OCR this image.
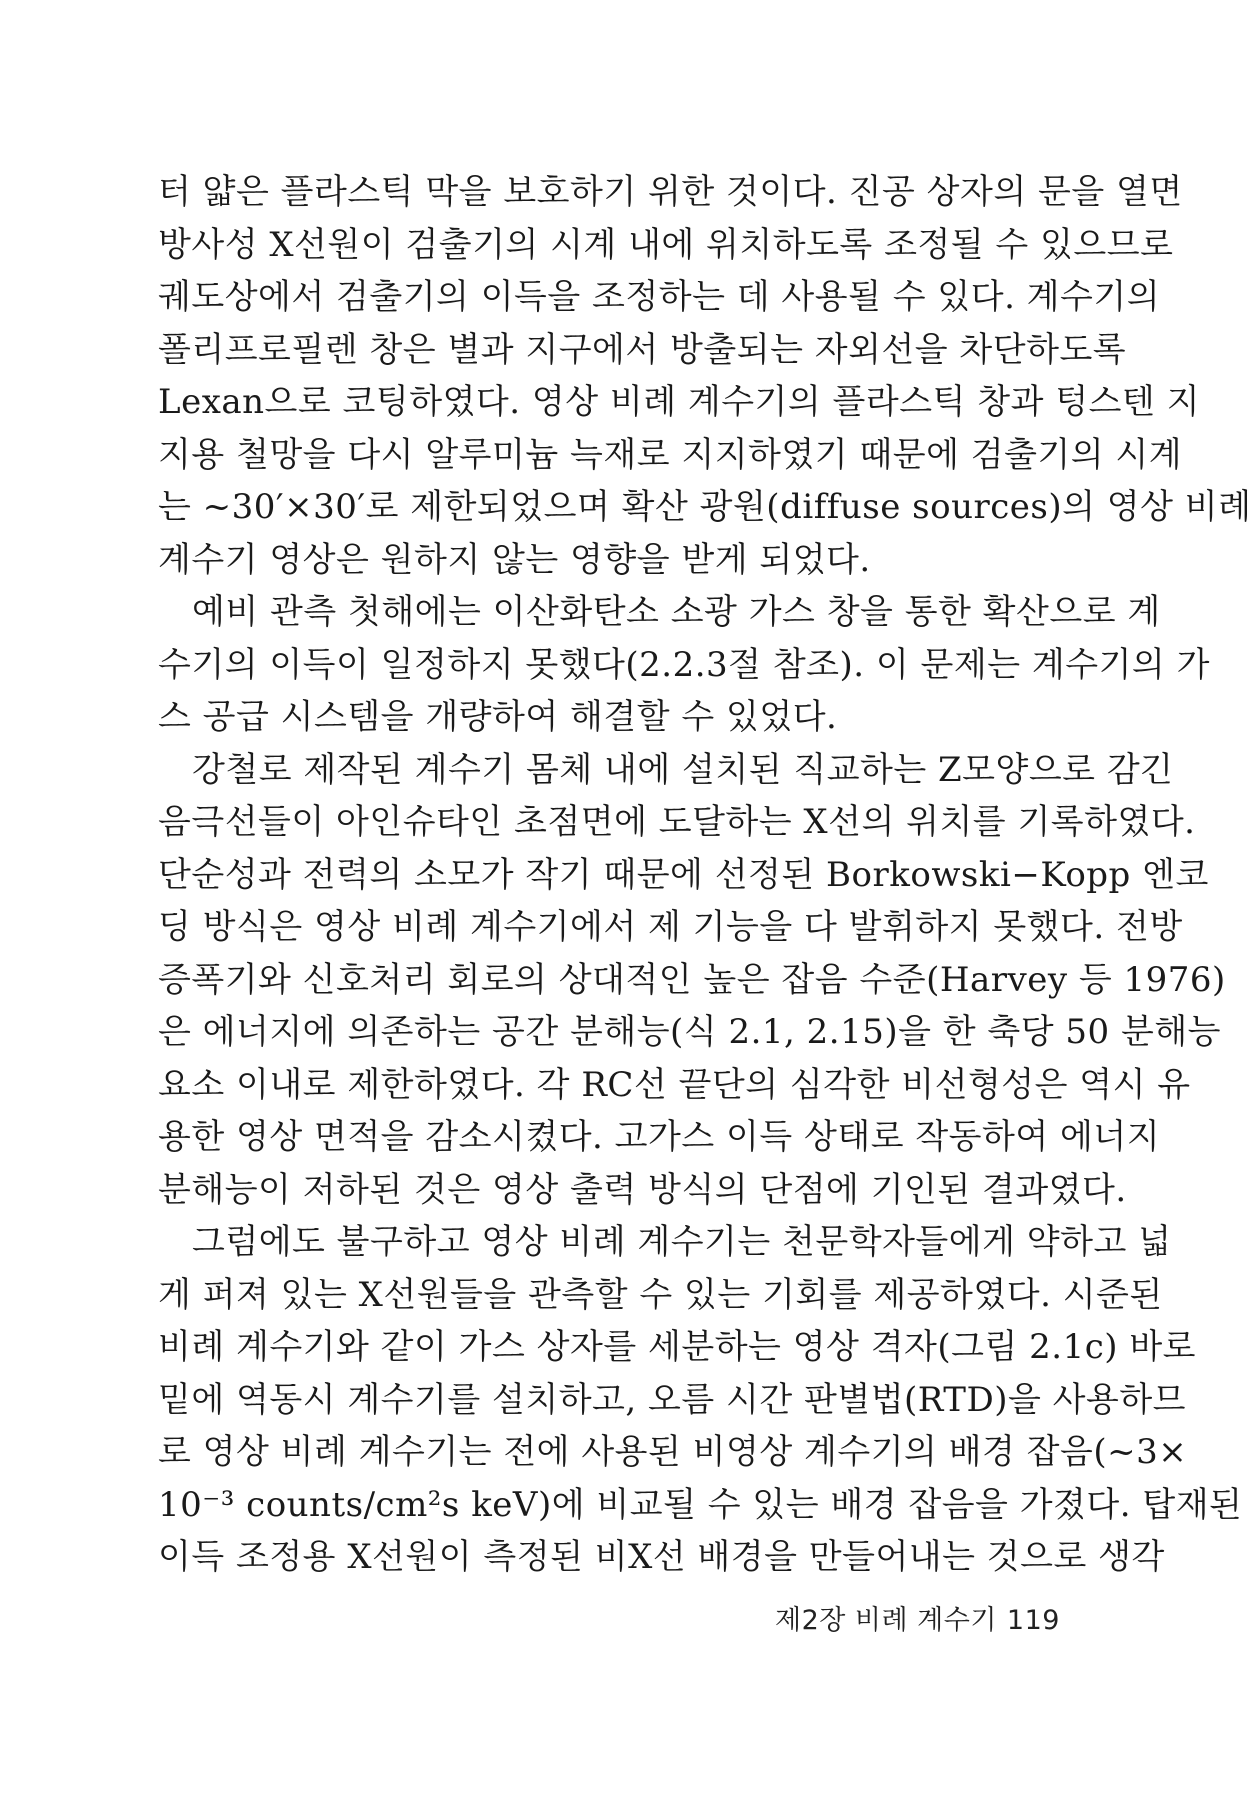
터 얇은 플라스틱 막을 보호하기 위한 것이다. 진공 상자의 문을 열면
방사성 X선원이 검출기의 시계 내에 위치하도록 조정될 수 있으므로
궤도상에서 검출기의 이득을 조정하는 데 사용될 수 있다. 계수기의
폴리프로필렌 창은 별과 지구에서 방출되는 자외선을 차단하도록
Lexan으로 코팅하였다. 영상 비례 계수기의 플라스틱 창과 텅스텐 지
지용 철망을 다시 알루미늄 늑재로 지지하였기 때문에 검출기의 시계
는 ~30′×30′로 제한되었으며 확산 광원(diffuse sources)의 영상 비례
계수기 영상은 원하지 않는 영향을 받게 되었다.
예비 관측 첫해에는 이산화탄소 소광 가스 창을 통한 확산으로 계
수기의 이득이 일정하지 못했다(2.2.3절 참조). 이 문제는 계수기의 가
스 공급 시스템을 개량하여 해결할 수 있었다.
강철로 제작된 계수기 몸체 내에 설치된 직교하는 Z모양으로 감긴
음극선들이 아인슈타인 초점면에 도달하는 X선의 위치를 기록하였다.
단순성과 전력의 소모가 작기 때문에 선정된 Borkowski−Kopp 엔코
딩 방식은 영상 비례 계수기에서 제 기능을 다 발휘하지 못했다. 전방
증폭기와 신호처리 회로의 상대적인 높은 잡음 수준(Harvey 등 1976)
은 에너지에 의존하는 공간 분해능(식 2.1, 2.15)을 한 축당 50 분해능
요소 이내로 제한하였다. 각 RC선 끝단의 심각한 비선형성은 역시 유
용한 영상 면적을 감소시켰다. 고가스 이득 상태로 작동하여 에너지
분해능이 저하된 것은 영상 출력 방식의 단점에 기인된 결과였다.
그럼에도 불구하고 영상 비례 계수기는 천문학자들에게 약하고 넓
게 퍼져 있는 X선원들을 관측할 수 있는 기회를 제공하였다. 시준된
비례 계수기와 같이 가스 상자를 세분하는 영상 격자(그림 2.1c) 바로
밑에 역동시 계수기를 설치하고, 오름 시간 판별법(RTD)을 사용하므
로 영상 비례 계수기는 전에 사용된 비영상 계수기의 배경 잡음(~3×
10⁻³ counts/cm²s keV)에 비교될 수 있는 배경 잡음을 가졌다. 탑재된
이득 조정용 X선원이 측정된 비X선 배경을 만들어내는 것으로 생각
제2장 비례 계수기 119
